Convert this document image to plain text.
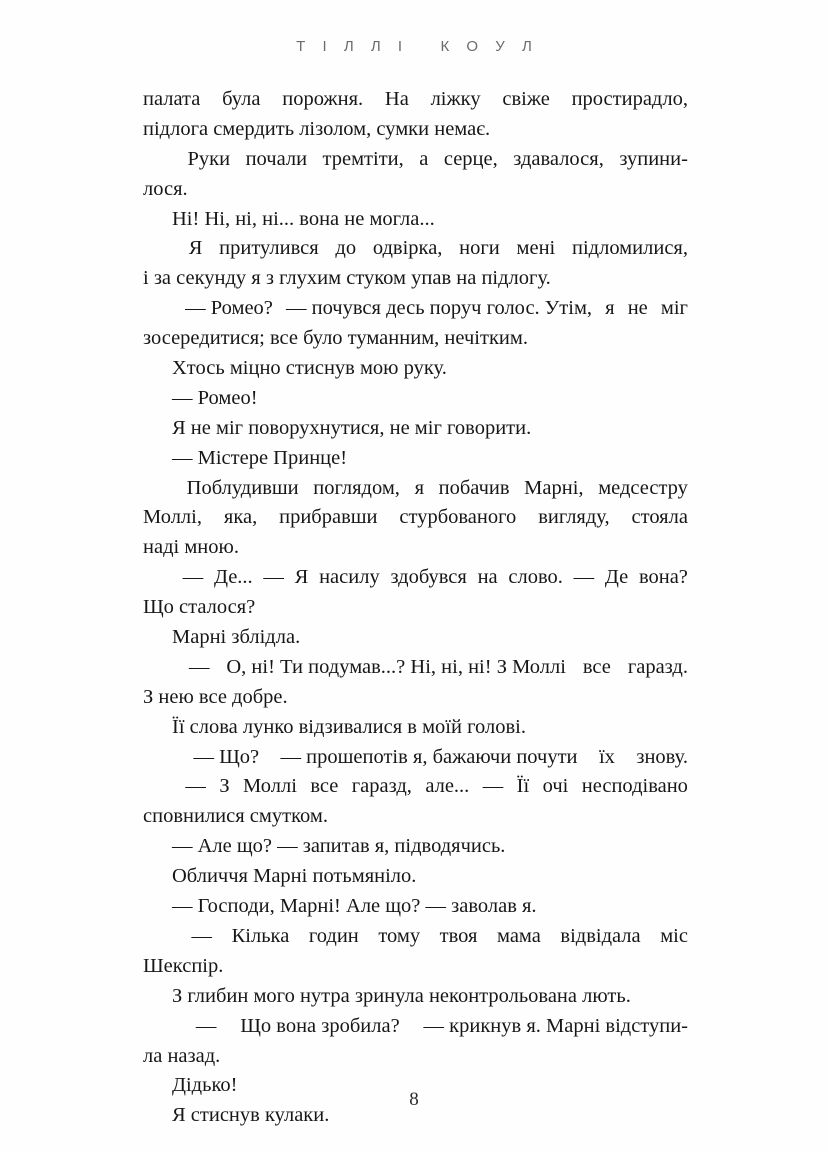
Т І Л Л І   К О У Л
палата була порожня. На ліжку свіже простирадло,
підлога смердить лізолом, сумки немає.
Руки почали тремтіти, а серце, здавалося, зупини-
лося.
Ні! Ні, ні, ні... вона не могла...
Я притулився до одвірка, ноги мені підломилися,
і за секунду я з глухим стуком упав на підлогу.
— Ромео? — почувся десь поруч голос. Утім, я не міг
зосередитися; все було туманним, нечітким.
Хтось міцно стиснув мою руку.
— Ромео!
Я не міг поворухнутися, не міг говорити.
— Містере Принце!
Поблудивши поглядом, я побачив Марні, медсестру
Моллі, яка, прибравши стурбованого вигляду, стояла
наді мною.
— Де... — Я насилу здобувся на слово. — Де вона?
Що сталося?
Марні зблідла.
— О, ні! Ти подумав...? Ні, ні, ні! З Моллі все гаразд.
З нею все добре.
Її слова лунко відзивалися в моїй голові.
— Що? — прошепотів я, бажаючи почути їх знову.
— З Моллі все гаразд, але... — Її очі несподівано
сповнилися смутком.
— Але що? — запитав я, підводячись.
Обличчя Марні потьмяніло.
— Господи, Марні! Але що? — заволав я.
— Кілька годин тому твоя мама відвідала міс
Шекспір.
З глибин мого нутра зринула неконтрольована лють.
— Що вона зробила? — крикнув я. Марні відступи-
ла назад.
Дідько!
Я стиснув кулаки.
8
